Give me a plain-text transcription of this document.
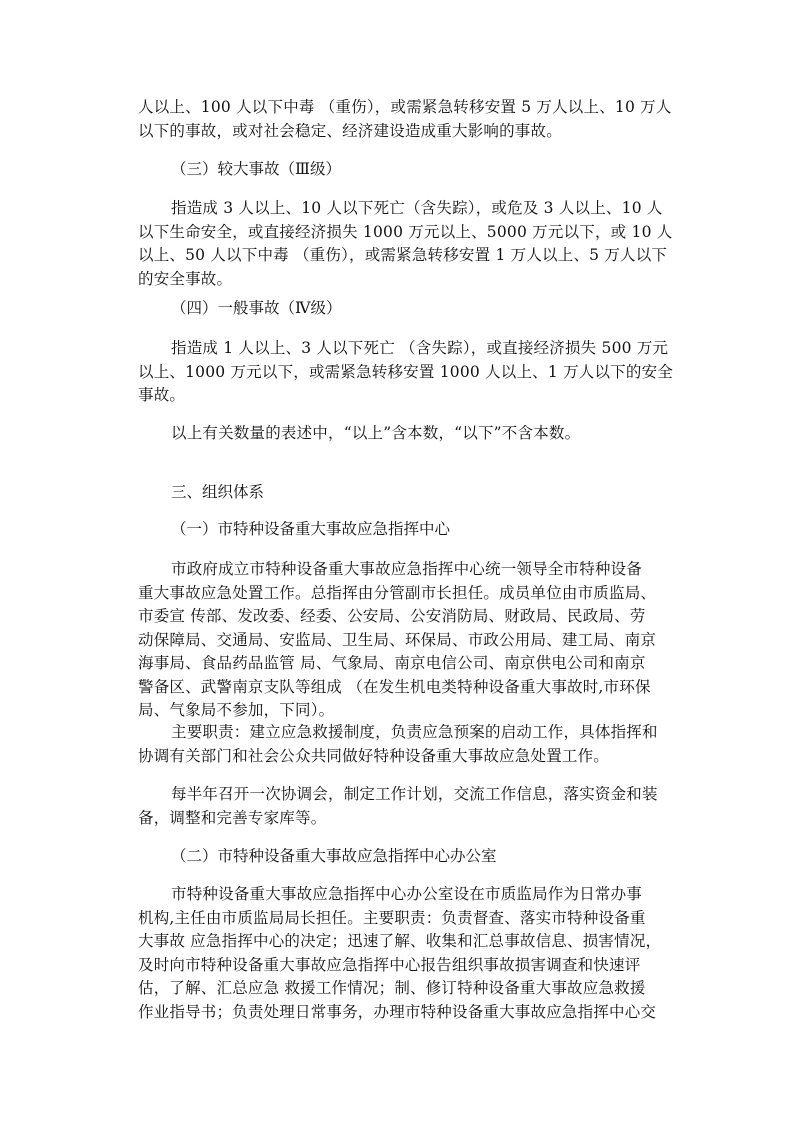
人以上、100 人以下中毒 （重伤），或需紧急转移安置 5 万人以上、10 万人
以下的事故，或对社会稳定、经济建设造成重大影响的事故。
（三）较大事故（Ⅲ级）
指造成 3 人以上、10 人以下死亡（含失踪），或危及 3 人以上、10 人
以下生命安全，或直接经济损失 1000 万元以上、5000 万元以下，或 10 人
以上、50 人以下中毒 （重伤），或需紧急转移安置 1 万人以上、5 万人以下
的安全事故。
（四）一般事故（Ⅳ级）
指造成 1 人以上、3 人以下死亡 （含失踪），或直接经济损失 500 万元
以上、1000 万元以下，或需紧急转移安置 1000 人以上、1 万人以下的安全
事故。
以上有关数量的表述中，“以上”含本数，“以下”不含本数。
三、组织体系
（一）市特种设备重大事故应急指挥中心
市政府成立市特种设备重大事故应急指挥中心统一领导全市特种设备
重大事故应急处置工作。总指挥由分管副市长担任。成员单位由市质监局、
市委宣 传部、发改委、经委、公安局、公安消防局、财政局、民政局、劳
动保障局、交通局、安监局、卫生局、环保局、市政公用局、建工局、南京
海事局、食品药品监管 局、气象局、南京电信公司、南京供电公司和南京
警备区、武警南京支队等组成 （在发生机电类特种设备重大事故时,市环保
局、气象局不参加，下同）。
主要职责：建立应急救援制度，负责应急预案的启动工作，具体指挥和
协调有关部门和社会公众共同做好特种设备重大事故应急处置工作。
每半年召开一次协调会，制定工作计划，交流工作信息，落实资金和装
备，调整和完善专家库等。
（二）市特种设备重大事故应急指挥中心办公室
市特种设备重大事故应急指挥中心办公室设在市质监局作为日常办事
机构,主任由市质监局局长担任。主要职责：负责督查、落实市特种设备重
大事故 应急指挥中心的决定；迅速了解、收集和汇总事故信息、损害情况，
及时向市特种设备重大事故应急指挥中心报告组织事故损害调查和快速评
估，了解、汇总应急 救援工作情况；制、修订特种设备重大事故应急救援
作业指导书；负责处理日常事务，办理市特种设备重大事故应急指挥中心交
